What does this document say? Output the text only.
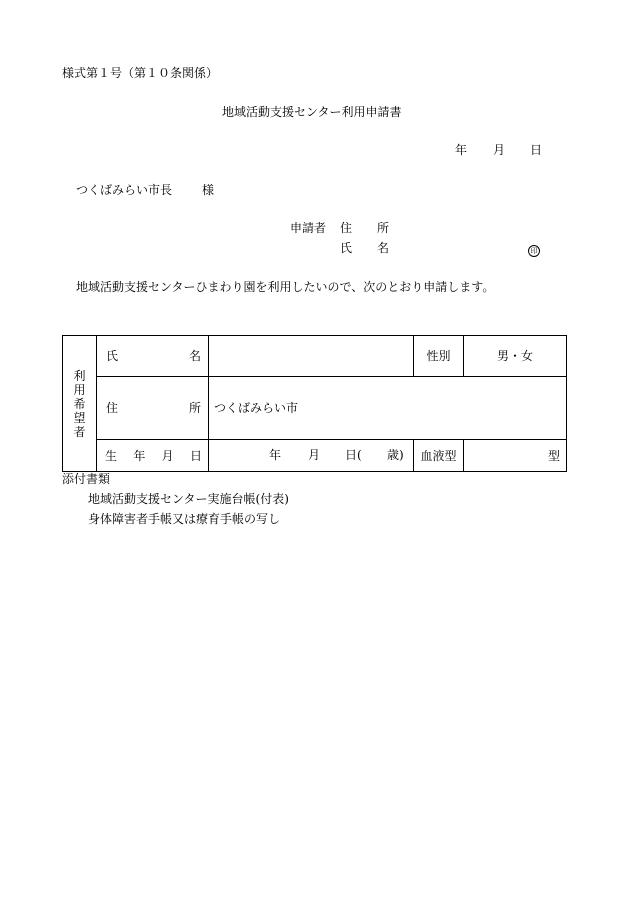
様式第１号（第１０条関係）
地域活動支援センター利用申請書
年 月 日
つくばみらい市長 様
申請者 住 所
氏 名	印
地域活動支援センターひまわり園を利用したいので、次のとおり申請します。
利
用
希
望
者	氏 名		性別	男・女

	住 所	つくばみらい市		

	生 年 月 日	年 月 日( 歳)	血液型	型
添付書類
地域活動支援センター実施台帳(付表)
身体障害者手帳又は療育手帳の写し
